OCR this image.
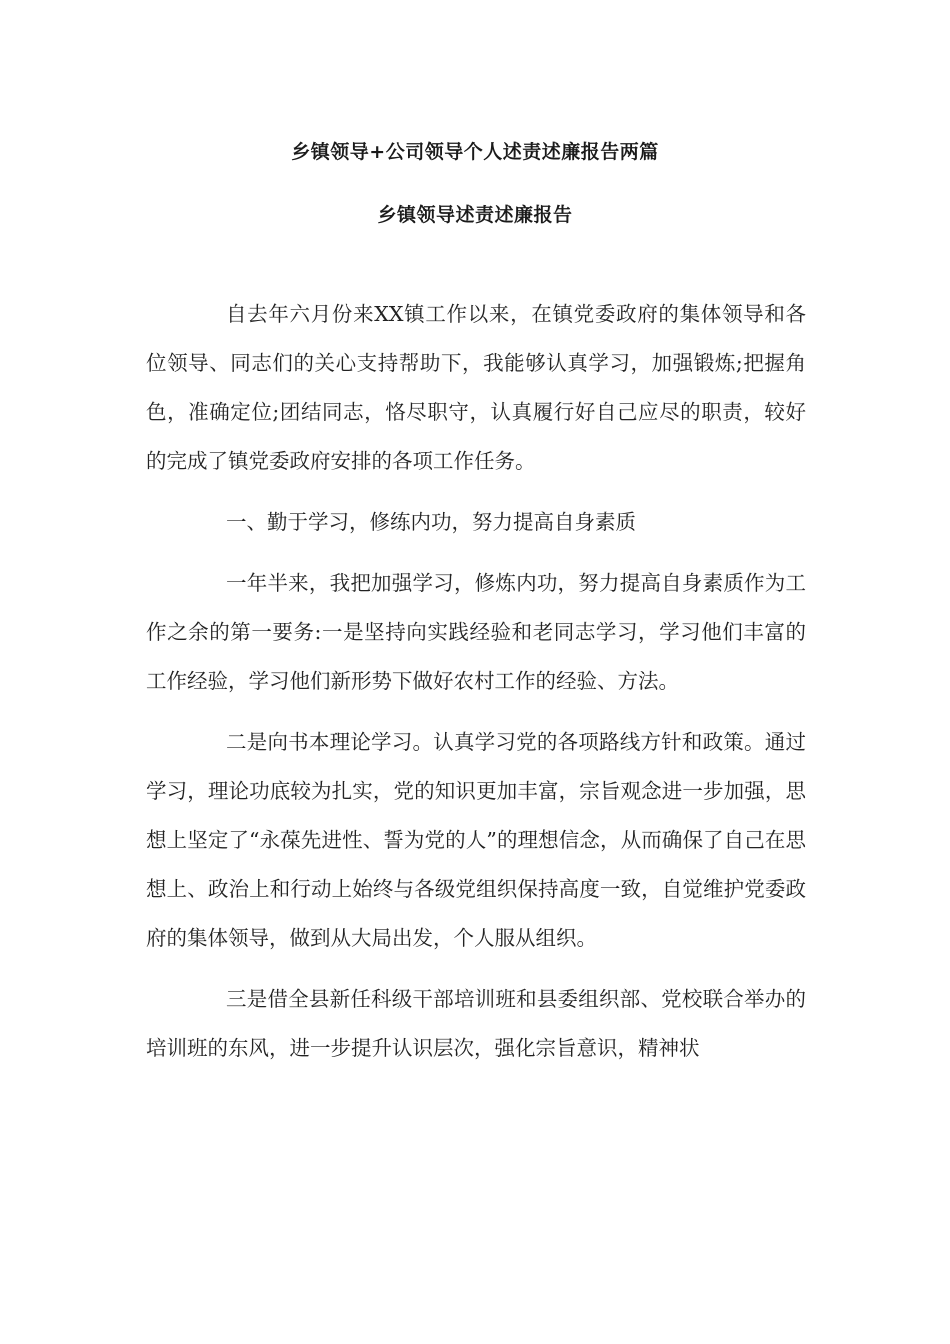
乡镇领导+公司领导个人述责述廉报告两篇
乡镇领导述责述廉报告

自去年六月份来XX镇工作以来，在镇党委政府的集体领导和各位领导、同志们的关心支持帮助下，我能够认真学习，加强锻炼;把握角色，准确定位;团结同志，恪尽职守，认真履行好自己应尽的职责，较好的完成了镇党委政府安排的各项工作任务。

一、勤于学习，修练内功，努力提高自身素质

一年半来，我把加强学习，修炼内功，努力提高自身素质作为工作之余的第一要务:一是坚持向实践经验和老同志学习，学习他们丰富的工作经验，学习他们新形势下做好农村工作的经验、方法。

二是向书本理论学习。认真学习党的各项路线方针和政策。通过学习，理论功底较为扎实，党的知识更加丰富，宗旨观念进一步加强，思想上坚定了“永葆先进性、誓为党的人”的理想信念，从而确保了自己在思想上、政治上和行动上始终与各级党组织保持高度一致，自觉维护党委政府的集体领导，做到从大局出发，个人服从组织。

三是借全县新任科级干部培训班和县委组织部、党校联合举办的培训班的东风，进一步提升认识层次，强化宗旨意识，精神状
